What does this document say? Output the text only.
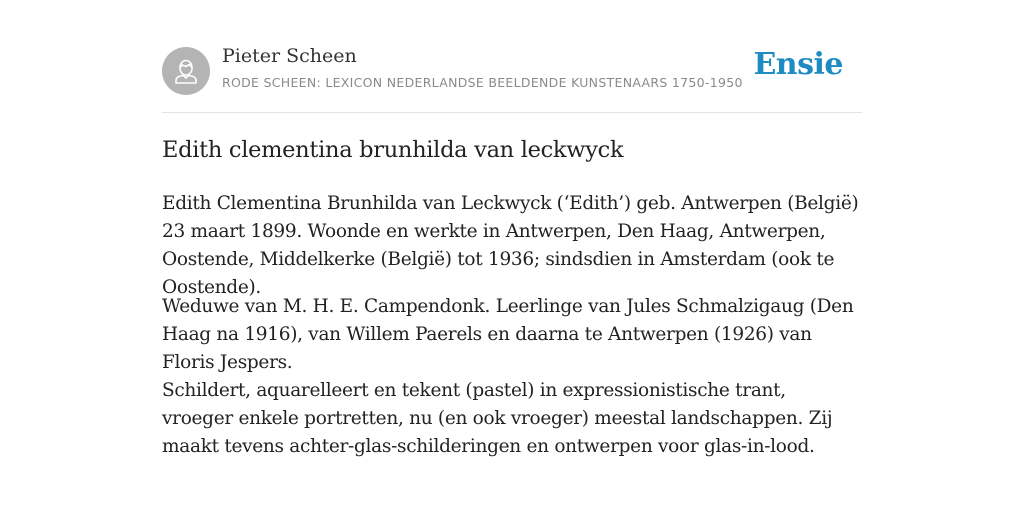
Pieter Scheen
RODE SCHEEN: LEXICON NEDERLANDSE BEELDENDE KUNSTENAARS 1750-1950
Ensie
Edith clementina brunhilda van leckwyck

Edith Clementina Brunhilda van Leckwyck (‘Edith’) geb. Antwerpen (België) 23 maart 1899. Woonde en werkte in Antwerpen, Den Haag, Antwerpen, Oostende, Middelkerke (België) tot 1936; sindsdien in Amsterdam (ook te Oostende).

Weduwe van M. H. E. Campendonk. Leerlinge van Jules Schmalzigaug (Den Haag na 1916), van Willem Paerels en daarna te Antwerpen (1926) van Floris Jespers.

Schildert, aquarelleert en tekent (pastel) in expressionistische trant, vroeger enkele portretten, nu (en ook vroeger) meestal landschappen. Zij maakt tevens achter-glas-schilderingen en ontwerpen voor glas-in-lood.
